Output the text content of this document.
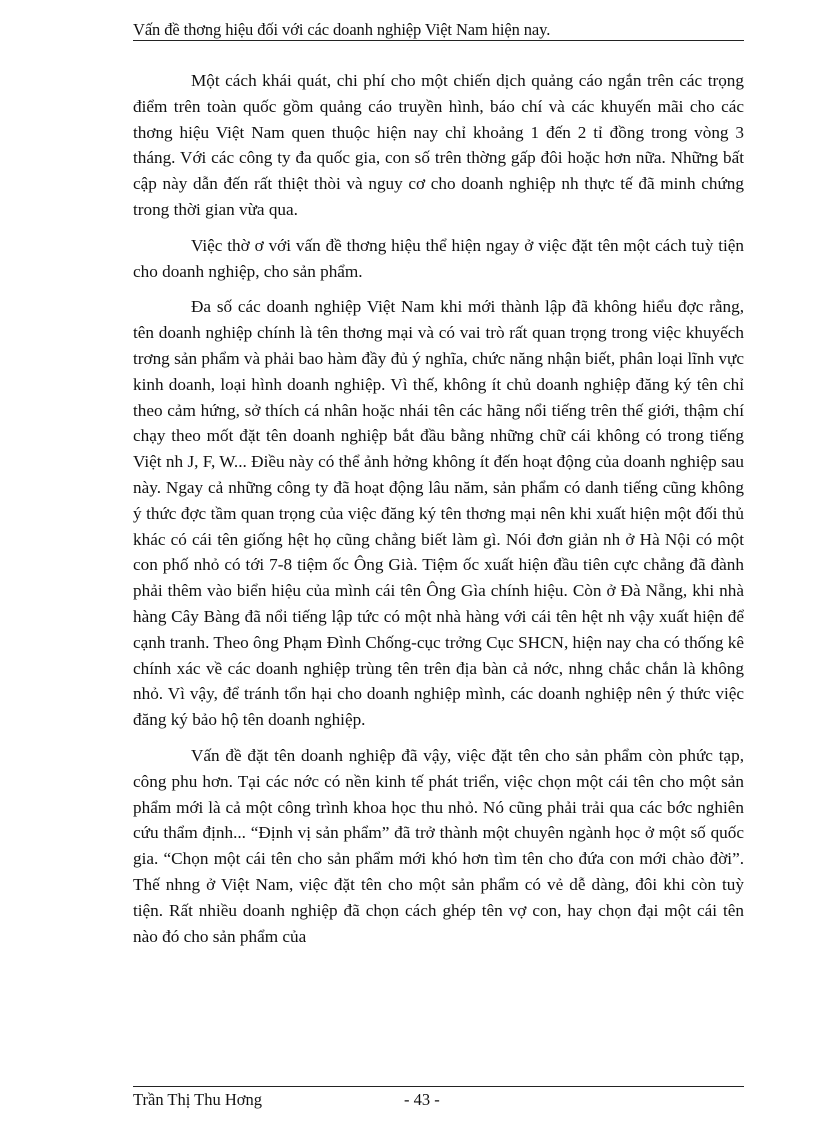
Vấn đề thơng hiệu đối với các doanh nghiệp Việt Nam hiện nay.

Một cách khái quát, chi phí cho một chiến dịch quảng cáo ngắn trên các trọng điểm trên toàn quốc gồm quảng cáo truyền hình, báo chí và các khuyến mãi cho các thơng hiệu Việt Nam quen thuộc hiện nay chỉ khoảng 1 đến 2 tỉ đồng trong vòng 3 tháng. Với các công ty đa quốc gia, con số trên thờng gấp đôi hoặc hơn nữa. Những bất cập này dẫn đến rất thiệt thòi và nguy cơ cho doanh nghiệp nh thực tế đã minh chứng trong thời gian vừa qua.

Việc thờ ơ với vấn đề thơng hiệu thể hiện ngay ở việc đặt tên một cách tuỳ tiện cho doanh nghiệp, cho sản phẩm.

Đa số các doanh nghiệp Việt Nam khi mới thành lập đã không hiểu đợc rằng, tên doanh nghiệp chính là tên thơng mại và có vai trò rất quan trọng trong việc khuyếch trơng sản phẩm và phải bao hàm đầy đủ ý nghĩa, chức năng nhận biết, phân loại lĩnh vực kinh doanh, loại hình doanh nghiệp. Vì thế, không ít chủ doanh nghiệp đăng ký tên chỉ theo cảm hứng, sở thích cá nhân hoặc nhái tên các hãng nổi tiếng trên thế giới, thậm chí chạy theo mốt đặt tên doanh nghiệp bắt đầu bằng những chữ cái không có trong tiếng Việt nh J, F, W... Điều này có thể ảnh hởng không ít đến hoạt động của doanh nghiệp sau này. Ngay cả những công ty đã hoạt động lâu năm, sản phẩm có danh tiếng cũng không ý thức đợc tầm quan trọng của việc đăng ký tên thơng mại nên khi xuất hiện một đối thủ khác có cái tên giống hệt họ cũng chẳng biết làm gì. Nói đơn giản nh ở Hà Nội có một con phố nhỏ có tới 7-8 tiệm ốc Ông Già. Tiệm ốc xuất hiện đầu tiên cực chẳng đã đành phải thêm vào biển hiệu của mình cái tên Ông Gìa chính hiệu. Còn ở Đà Nẵng, khi nhà hàng Cây Bàng đã nổi tiếng lập tức có một nhà hàng với cái tên hệt nh vậy xuất hiện để cạnh tranh. Theo ông Phạm Đình Chống-cục trởng Cục SHCN, hiện nay cha có thống kê chính xác về các doanh nghiệp trùng tên trên địa bàn cả nớc, nhng chắc chắn là không nhỏ. Vì vậy, để tránh tổn hại cho doanh nghiệp mình, các doanh nghiệp nên ý thức việc đăng ký bảo hộ tên doanh nghiệp.

Vấn đề đặt tên doanh nghiệp đã vậy, việc đặt tên cho sản phẩm còn phức tạp, công phu hơn. Tại các nớc có nền kinh tế phát triển, việc chọn một cái tên cho một sản phẩm mới là cả một công trình khoa học thu nhỏ. Nó cũng phải trải qua các bớc nghiên cứu thẩm định... “Định vị sản phẩm” đã trở thành một chuyên ngành học ở một số quốc gia. “Chọn một cái tên cho sản phẩm mới khó hơn tìm tên cho đứa con mới chào đời”. Thế nhng ở Việt Nam, việc đặt tên cho một sản phẩm có vẻ dễ dàng, đôi khi còn tuỳ tiện. Rất nhiều doanh nghiệp đã chọn cách ghép tên vợ con, hay chọn đại một cái tên nào đó cho sản phẩm của

Trần Thị Thu Hơng	- 43 -
